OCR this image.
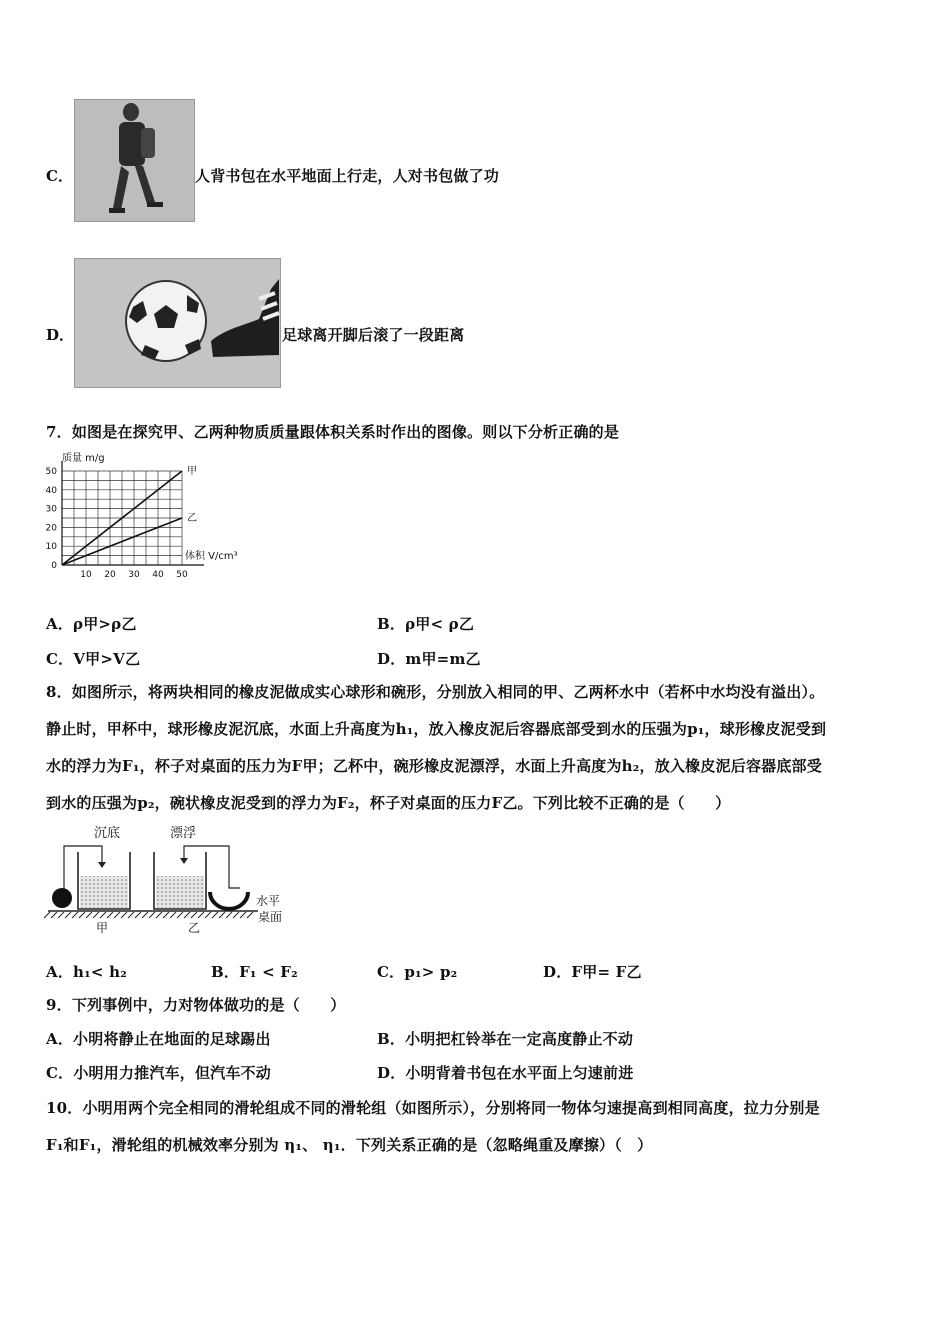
C．	人背书包在水平地面上行走，人对书包做了功
D．	足球离开脚后滚了一段距离
7．如图是在探究甲、乙两种物质质量跟体积关系时作出的图像。则以下分析正确的是
甲
乙
10 20 30 40 50
0
10
20
30
40
50
质量 m/g
体积 V/cm³
A．ρ甲>ρ乙	B．ρ甲< ρ乙
C．V甲>V乙	D．m甲=m乙
8．如图所示，将两块相同的橡皮泥做成实心球形和碗形，分别放入相同的甲、乙两杯水中（若杯中水均没有溢出）。
静止时，甲杯中，球形橡皮泥沉底，水面上升高度为h₁，放入橡皮泥后容器底部受到水的压强为p₁，球形橡皮泥受到
水的浮力为F₁，杯子对桌面的压力为F甲；乙杯中，碗形橡皮泥漂浮，水面上升高度为h₂，放入橡皮泥后容器底部受
到水的压强为p₂，碗状橡皮泥受到的浮力为F₂，杯子对桌面的压力F乙。下列比较不正确的是（　　）
沉底	漂浮
水平
桌面
甲	乙
A．h₁< h₂	B．F₁ < F₂	C．p₁> p₂	D．F甲= F乙
9．下列事例中，力对物体做功的是（　　）
A．小明将静止在地面的足球踢出	B．小明把杠铃举在一定高度静止不动
C．小明用力推汽车，但汽车不动	D．小明背着书包在水平面上匀速前进
10．小明用两个完全相同的滑轮组成不同的滑轮组（如图所示），分别将同一物体匀速提高到相同高度，拉力分别是
F₁和F₁，滑轮组的机械效率分别为 η₁、 η₁．下列关系正确的是（忽略绳重及摩擦）（　）
